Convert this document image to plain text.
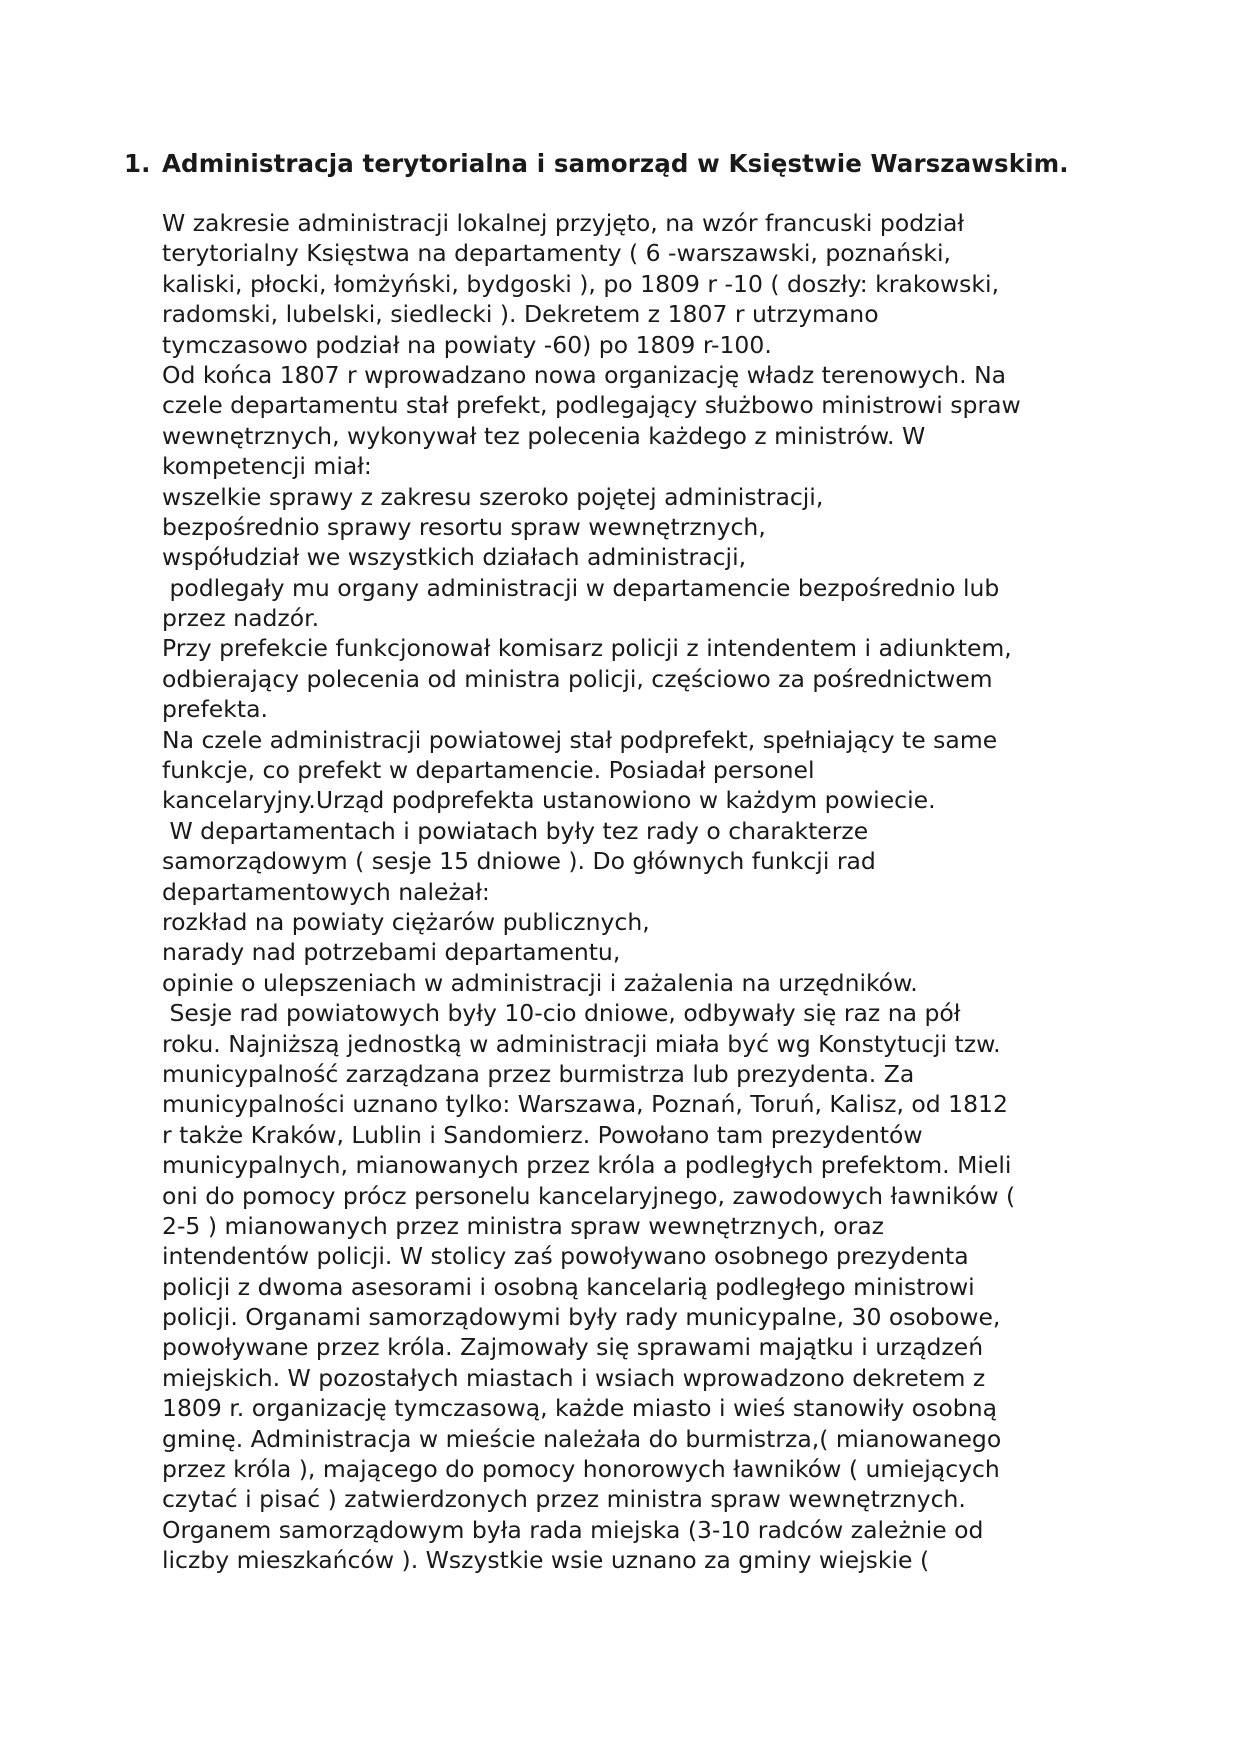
1. Administracja terytorialna i samorząd w Księstwie Warszawskim.
W zakresie administracji lokalnej przyjęto, na wzór francuski podział
terytorialny Księstwa na departamenty ( 6 -warszawski, poznański,
kaliski, płocki, łomżyński, bydgoski ), po 1809 r -10 ( doszły: krakowski,
radomski, lubelski, siedlecki ). Dekretem z 1807 r utrzymano
tymczasowo podział na powiaty -60) po 1809 r-100.
Od końca 1807 r wprowadzano nowa organizację władz terenowych. Na
czele departamentu stał prefekt, podlegający służbowo ministrowi spraw
wewnętrznych, wykonywał tez polecenia każdego z ministrów. W
kompetencji miał:
wszelkie sprawy z zakresu szeroko pojętej administracji,
bezpośrednio sprawy resortu spraw wewnętrznych,
współudział we wszystkich działach administracji,
podlegały mu organy administracji w departamencie bezpośrednio lub
przez nadzór.
Przy prefekcie funkcjonował komisarz policji z intendentem i adiunktem,
odbierający polecenia od ministra policji, częściowo za pośrednictwem
prefekta.
Na czele administracji powiatowej stał podprefekt, spełniający te same
funkcje, co prefekt w departamencie. Posiadał personel
kancelaryjny.Urząd podprefekta ustanowiono w każdym powiecie.
W departamentach i powiatach były tez rady o charakterze
samorządowym ( sesje 15 dniowe ). Do głównych funkcji rad
departamentowych należał:
rozkład na powiaty ciężarów publicznych,
narady nad potrzebami departamentu,
opinie o ulepszeniach w administracji i zażalenia na urzędników.
Sesje rad powiatowych były 10-cio dniowe, odbywały się raz na pół
roku. Najniższą jednostką w administracji miała być wg Konstytucji tzw.
municypalność zarządzana przez burmistrza lub prezydenta. Za
municypalności uznano tylko: Warszawa, Poznań, Toruń, Kalisz, od 1812
r także Kraków, Lublin i Sandomierz. Powołano tam prezydentów
municypalnych, mianowanych przez króla a podległych prefektom. Mieli
oni do pomocy prócz personelu kancelaryjnego, zawodowych ławników (
2-5 ) mianowanych przez ministra spraw wewnętrznych, oraz
intendentów policji. W stolicy zaś powoływano osobnego prezydenta
policji z dwoma asesorami i osobną kancelarią podległego ministrowi
policji. Organami samorządowymi były rady municypalne, 30 osobowe,
powoływane przez króla. Zajmowały się sprawami majątku i urządzeń
miejskich. W pozostałych miastach i wsiach wprowadzono dekretem z
1809 r. organizację tymczasową, każde miasto i wieś stanowiły osobną
gminę. Administracja w mieście należała do burmistrza,( mianowanego
przez króla ), mającego do pomocy honorowych ławników ( umiejących
czytać i pisać ) zatwierdzonych przez ministra spraw wewnętrznych.
Organem samorządowym była rada miejska (3-10 radców zależnie od
liczby mieszkańców ). Wszystkie wsie uznano za gminy wiejskie (
